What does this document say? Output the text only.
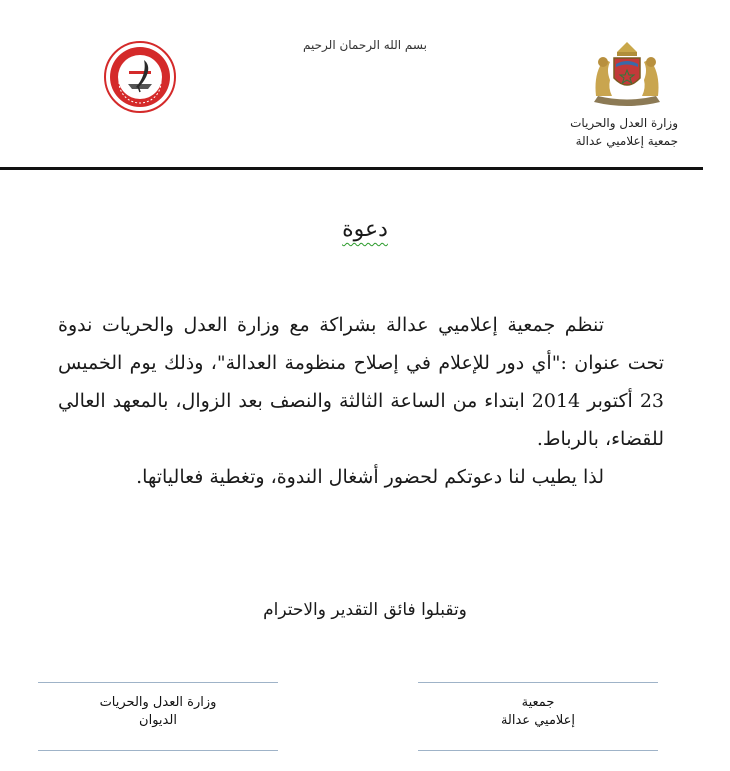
بسم الله الرحمان الرحيم
وزارة العدل والحريات
جمعية إعلاميي عدالة
دعوة

تنظم جمعية إعلاميي عدالة بشراكة مع وزارة العدل والحريات ندوة تحت عنوان :"أي دور للإعلام في إصلاح منظومة العدالة"، وذلك يوم الخميس 23 أكتوبر 2014 ابتداء من الساعة الثالثة والنصف بعد الزوال، بالمعهد العالي للقضاء، بالرباط.

لذا يطيب لنا دعوتكم لحضور أشغال الندوة، وتغطية فعالياتها.

وتقبلوا فائق التقدير والاحترام
وزارة العدل والحريات
الديوان
جمعية
إعلاميي عدالة
